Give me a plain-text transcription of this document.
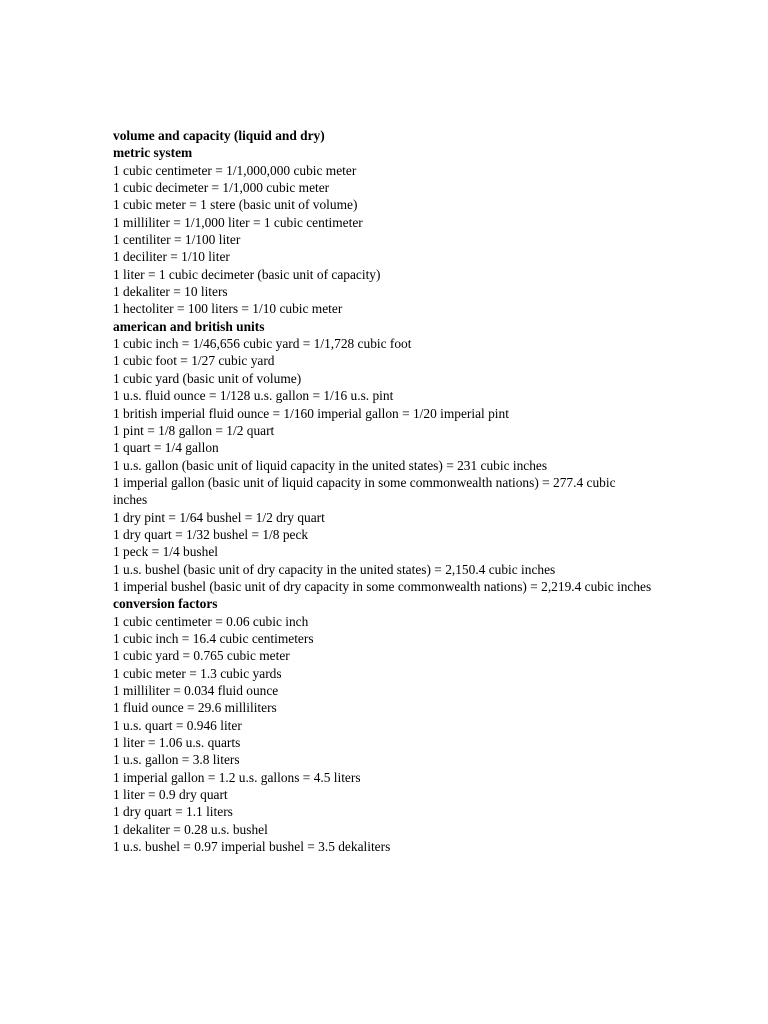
volume and capacity (liquid and dry)
metric system
1 cubic centimeter = 1/1,000,000 cubic meter
1 cubic decimeter = 1/1,000 cubic meter
1 cubic meter = 1 stere (basic unit of volume)
1 milliliter = 1/1,000 liter = 1 cubic centimeter
1 centiliter = 1/100 liter
1 deciliter = 1/10 liter
1 liter = 1 cubic decimeter (basic unit of capacity)
1 dekaliter = 10 liters
1 hectoliter = 100 liters = 1/10 cubic meter
american and british units
1 cubic inch = 1/46,656 cubic yard = 1/1,728 cubic foot
1 cubic foot = 1/27 cubic yard
1 cubic yard (basic unit of volume)
1 u.s. fluid ounce = 1/128 u.s. gallon = 1/16 u.s. pint
1 british imperial fluid ounce = 1/160 imperial gallon = 1/20 imperial pint
1 pint = 1/8 gallon = 1/2 quart
1 quart = 1/4 gallon
1 u.s. gallon (basic unit of liquid capacity in the united states) = 231 cubic inches
1 imperial gallon (basic unit of liquid capacity in some commonwealth nations) = 277.4 cubic inches
1 dry pint = 1/64 bushel = 1/2 dry quart
1 dry quart = 1/32 bushel = 1/8 peck
1 peck = 1/4 bushel
1 u.s. bushel (basic unit of dry capacity in the united states) = 2,150.4 cubic inches
1 imperial bushel (basic unit of dry capacity in some commonwealth nations) = 2,219.4 cubic inches
conversion factors
1 cubic centimeter = 0.06 cubic inch
1 cubic inch = 16.4 cubic centimeters
1 cubic yard = 0.765 cubic meter
1 cubic meter = 1.3 cubic yards
1 milliliter = 0.034 fluid ounce
1 fluid ounce = 29.6 milliliters
1 u.s. quart = 0.946 liter
1 liter = 1.06 u.s. quarts
1 u.s. gallon = 3.8 liters
1 imperial gallon = 1.2 u.s. gallons = 4.5 liters
1 liter = 0.9 dry quart
1 dry quart = 1.1 liters
1 dekaliter = 0.28 u.s. bushel
1 u.s. bushel = 0.97 imperial bushel = 3.5 dekaliters
